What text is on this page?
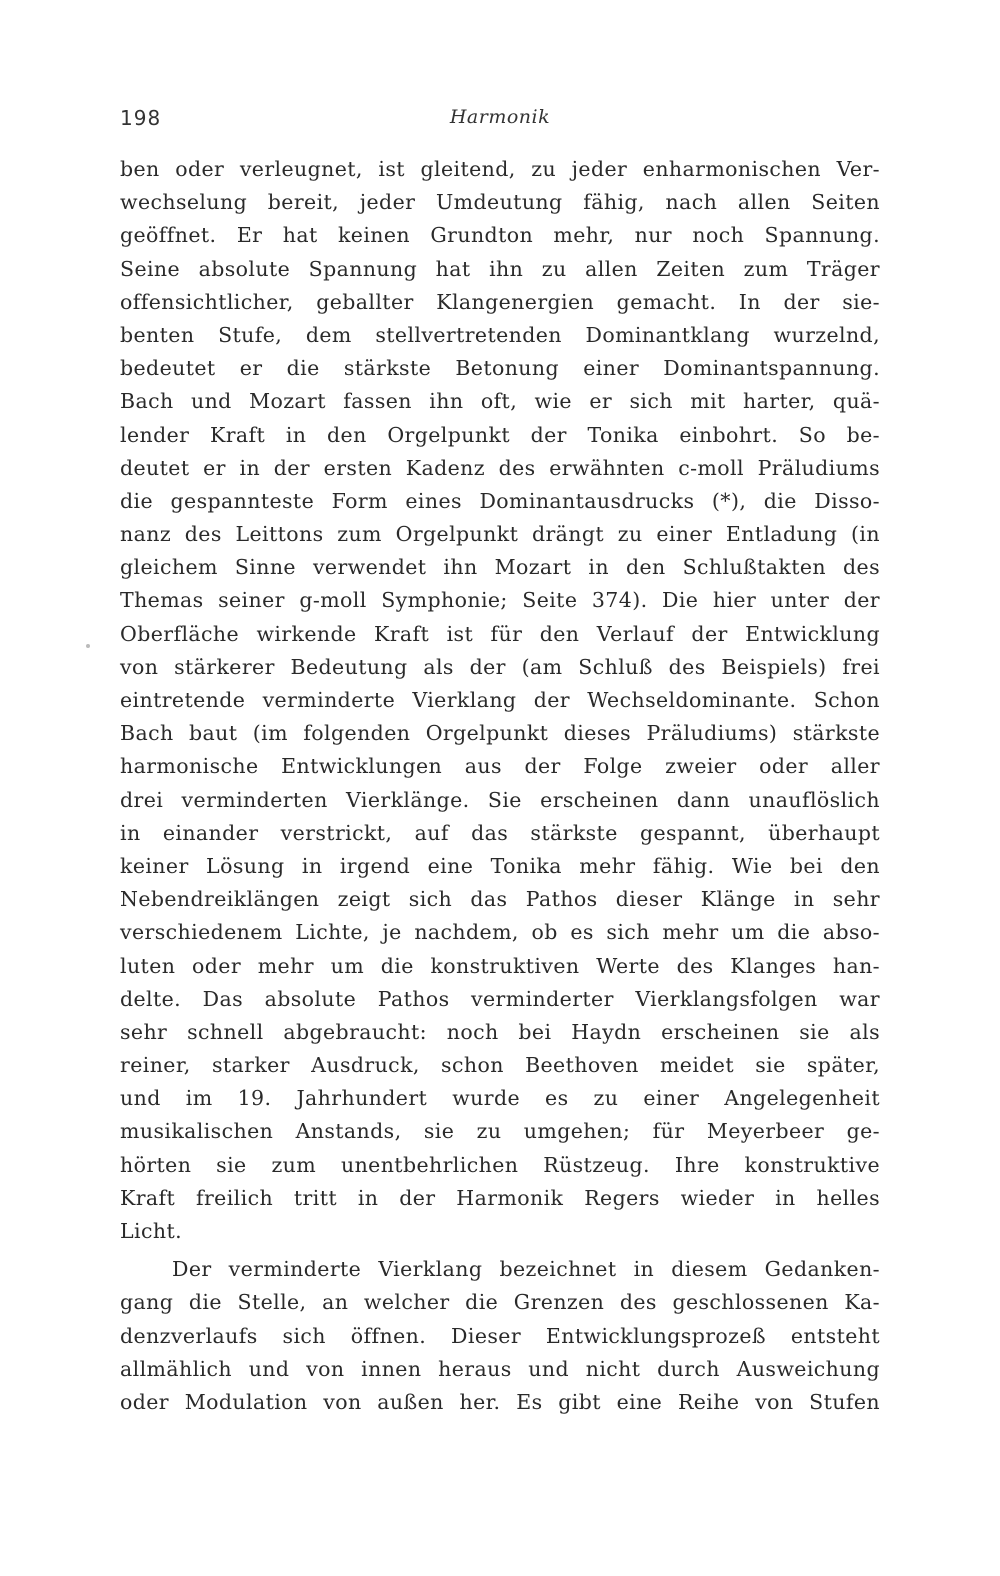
198	Harmonik
ben oder verleugnet, ist gleitend, zu jeder enharmonischen Ver-
wechselung bereit, jeder Umdeutung fähig, nach allen Seiten
geöffnet. Er hat keinen Grundton mehr, nur noch Spannung.
Seine absolute Spannung hat ihn zu allen Zeiten zum Träger
offensichtlicher, geballter Klangenergien gemacht. In der sie-
benten Stufe, dem stellvertretenden Dominantklang wurzelnd,
bedeutet er die stärkste Betonung einer Dominantspannung.
Bach und Mozart fassen ihn oft, wie er sich mit harter, quä-
lender Kraft in den Orgelpunkt der Tonika einbohrt. So be-
deutet er in der ersten Kadenz des erwähnten c-moll Präludiums
die gespannteste Form eines Dominantausdrucks (*), die Disso-
nanz des Leittons zum Orgelpunkt drängt zu einer Entladung (in
gleichem Sinne verwendet ihn Mozart in den Schlußtakten des
Themas seiner g-moll Symphonie; Seite 374). Die hier unter der
Oberfläche wirkende Kraft ist für den Verlauf der Entwicklung
von stärkerer Bedeutung als der (am Schluß des Beispiels) frei
eintretende verminderte Vierklang der Wechseldominante. Schon
Bach baut (im folgenden Orgelpunkt dieses Präludiums) stärkste
harmonische Entwicklungen aus der Folge zweier oder aller
drei verminderten Vierklänge. Sie erscheinen dann unauflöslich
in einander verstrickt, auf das stärkste gespannt, überhaupt
keiner Lösung in irgend eine Tonika mehr fähig. Wie bei den
Nebendreiklängen zeigt sich das Pathos dieser Klänge in sehr
verschiedenem Lichte, je nachdem, ob es sich mehr um die abso-
luten oder mehr um die konstruktiven Werte des Klanges han-
delte. Das absolute Pathos verminderter Vierklangsfolgen war
sehr schnell abgebraucht: noch bei Haydn erscheinen sie als
reiner, starker Ausdruck, schon Beethoven meidet sie später,
und im 19. Jahrhundert wurde es zu einer Angelegenheit
musikalischen Anstands, sie zu umgehen; für Meyerbeer ge-
hörten sie zum unentbehrlichen Rüstzeug. Ihre konstruktive
Kraft freilich tritt in der Harmonik Regers wieder in helles
Licht.
Der verminderte Vierklang bezeichnet in diesem Gedanken-
gang die Stelle, an welcher die Grenzen des geschlossenen Ka-
denzverlaufs sich öffnen. Dieser Entwicklungsprozeß entsteht
allmählich und von innen heraus und nicht durch Ausweichung
oder Modulation von außen her. Es gibt eine Reihe von Stufen
